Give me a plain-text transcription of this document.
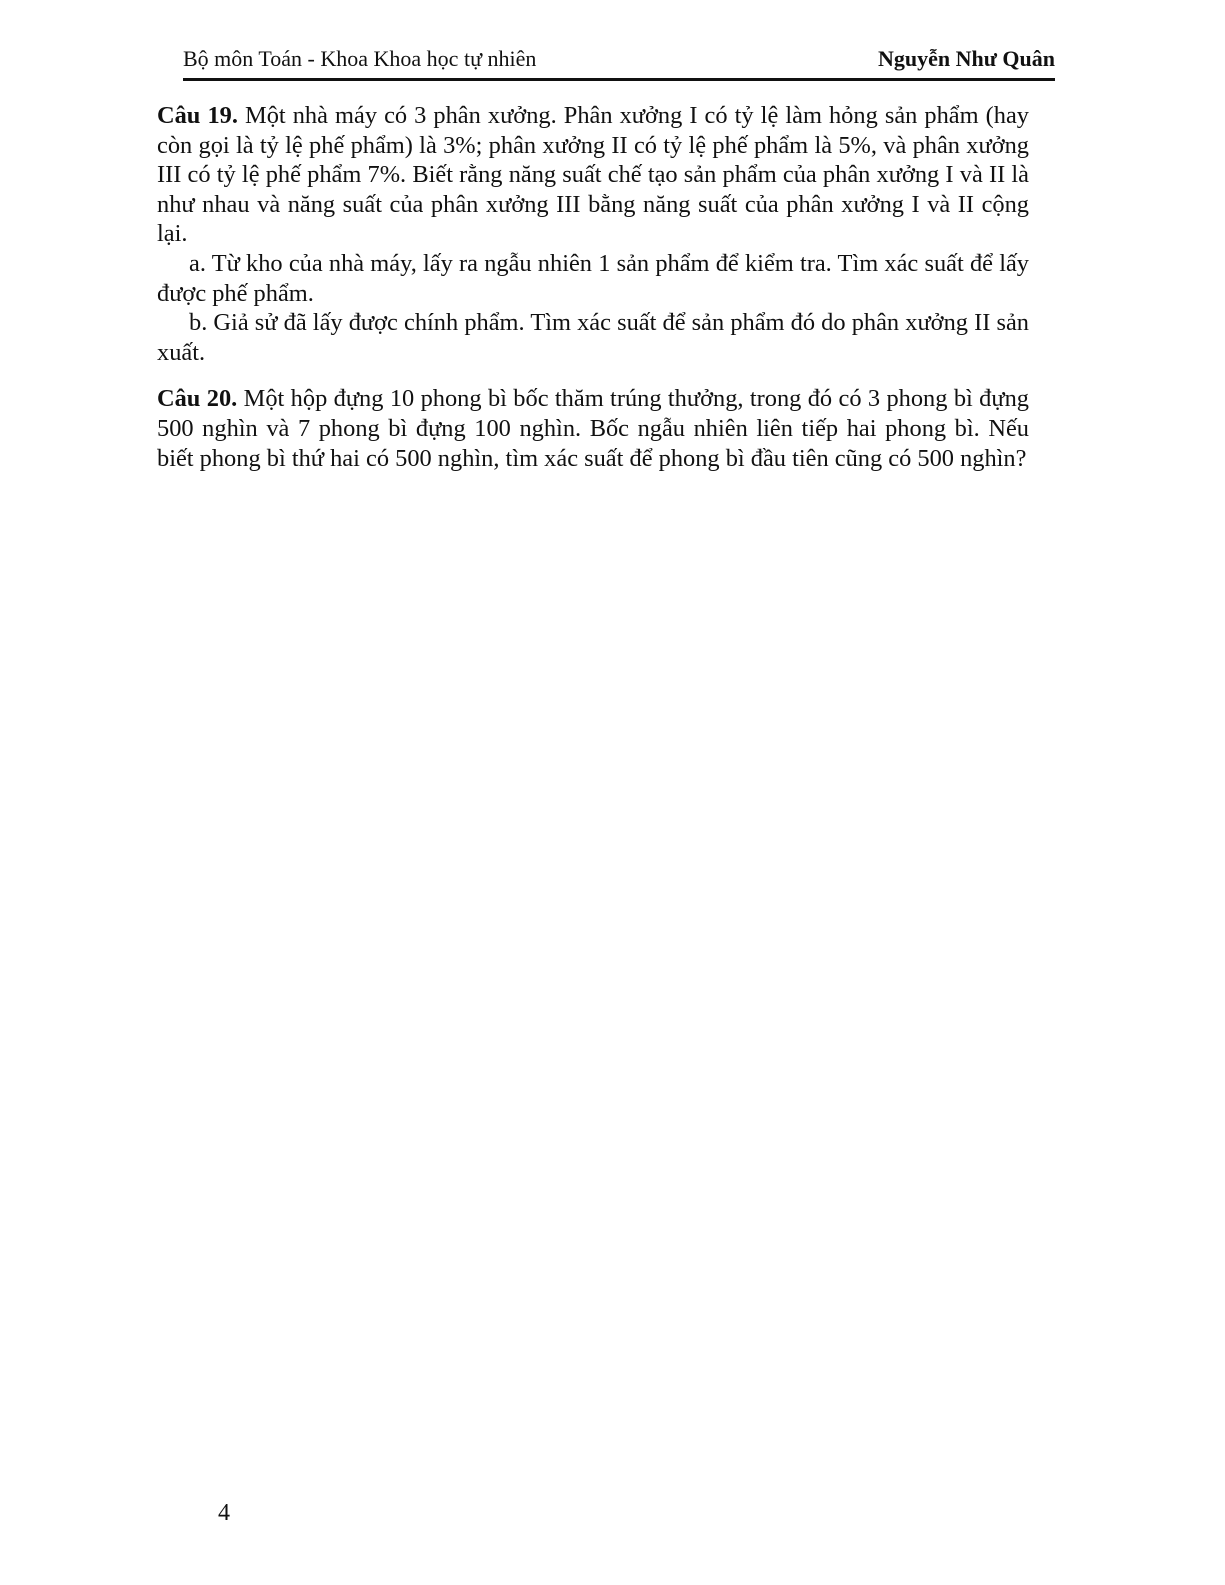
Bộ môn Toán - Khoa Khoa học tự nhiên	Nguyễn Như Quân

Câu 19. Một nhà máy có 3 phân xưởng. Phân xưởng I có tỷ lệ làm hỏng sản phẩm (hay còn gọi là tỷ lệ phế phẩm) là 3%; phân xưởng II có tỷ lệ phế phẩm là 5%, và phân xưởng III có tỷ lệ phế phẩm 7%. Biết rằng năng suất chế tạo sản phẩm của phân xưởng I và II là như nhau và năng suất của phân xưởng III bằng năng suất của phân xưởng I và II cộng lại.

a. Từ kho của nhà máy, lấy ra ngẫu nhiên 1 sản phẩm để kiểm tra. Tìm xác suất để lấy được phế phẩm.

b. Giả sử đã lấy được chính phẩm. Tìm xác suất để sản phẩm đó do phân xưởng II sản xuất.

Câu 20. Một hộp đựng 10 phong bì bốc thăm trúng thưởng, trong đó có 3 phong bì đựng 500 nghìn và 7 phong bì đựng 100 nghìn. Bốc ngẫu nhiên liên tiếp hai phong bì. Nếu biết phong bì thứ hai có 500 nghìn, tìm xác suất để phong bì đầu tiên cũng có 500 nghìn?

4
